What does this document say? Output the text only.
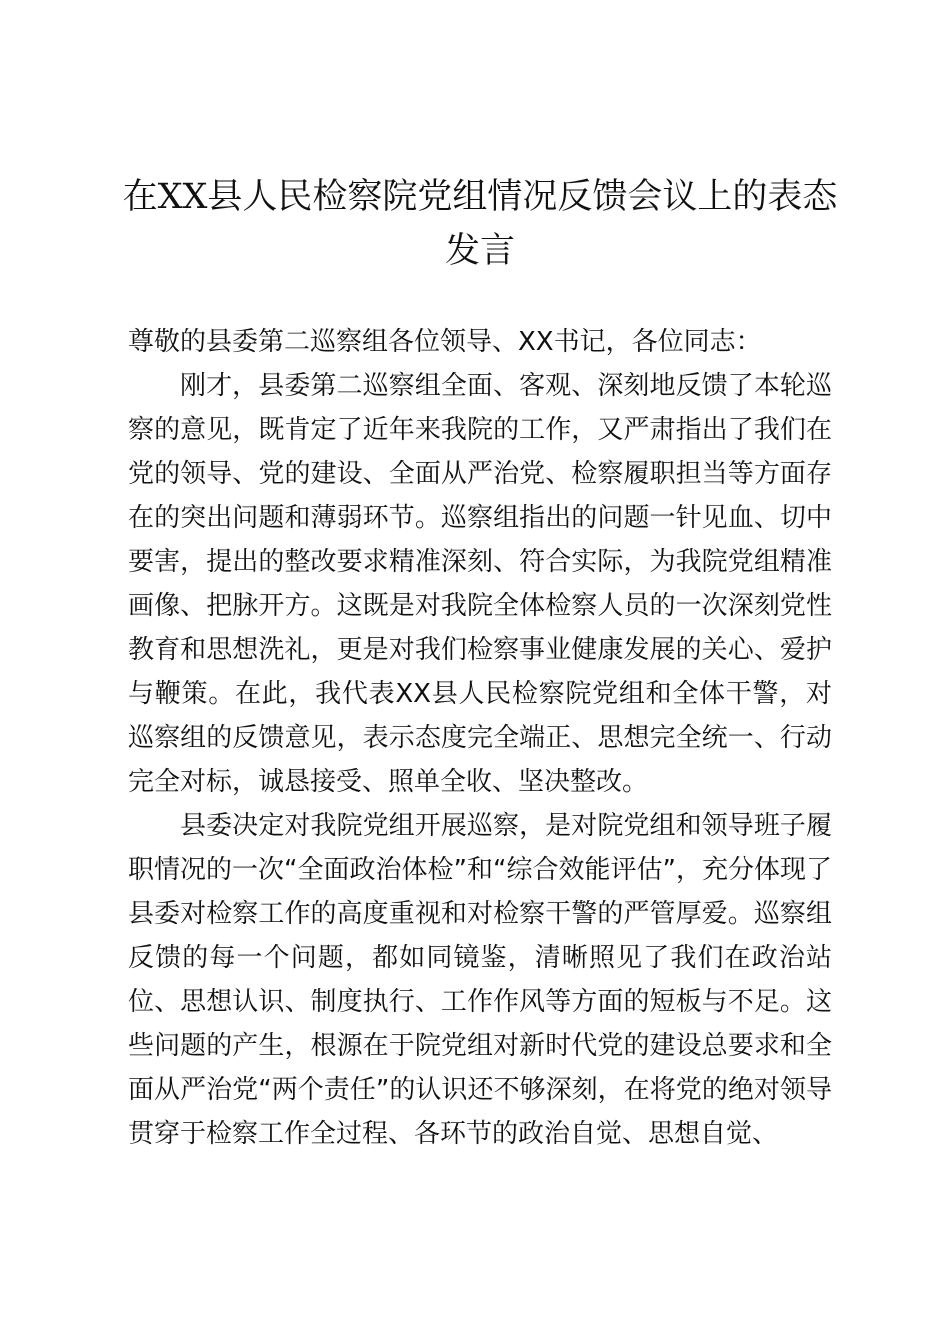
在XX县人民检察院党组情况反馈会议上的表态发言

尊敬的县委第二巡察组各位领导、XX书记，各位同志：

刚才，县委第二巡察组全面、客观、深刻地反馈了本轮巡察的意见，既肯定了近年来我院的工作，又严肃指出了我们在党的领导、党的建设、全面从严治党、检察履职担当等方面存在的突出问题和薄弱环节。巡察组指出的问题一针见血、切中要害，提出的整改要求精准深刻、符合实际，为我院党组精准画像、把脉开方。这既是对我院全体检察人员的一次深刻党性教育和思想洗礼，更是对我们检察事业健康发展的关心、爱护与鞭策。在此，我代表XX县人民检察院党组和全体干警，对巡察组的反馈意见，表示态度完全端正、思想完全统一、行动完全对标，诚恳接受、照单全收、坚决整改。

县委决定对我院党组开展巡察，是对院党组和领导班子履职情况的一次“全面政治体检”和“综合效能评估”，充分体现了县委对检察工作的高度重视和对检察干警的严管厚爱。巡察组反馈的每一个问题，都如同镜鉴，清晰照见了我们在政治站位、思想认识、制度执行、工作作风等方面的短板与不足。这些问题的产生，根源在于院党组对新时代党的建设总要求和全面从严治党“两个责任”的认识还不够深刻，在将党的绝对领导贯穿于检察工作全过程、各环节的政治自觉、思想自觉、
